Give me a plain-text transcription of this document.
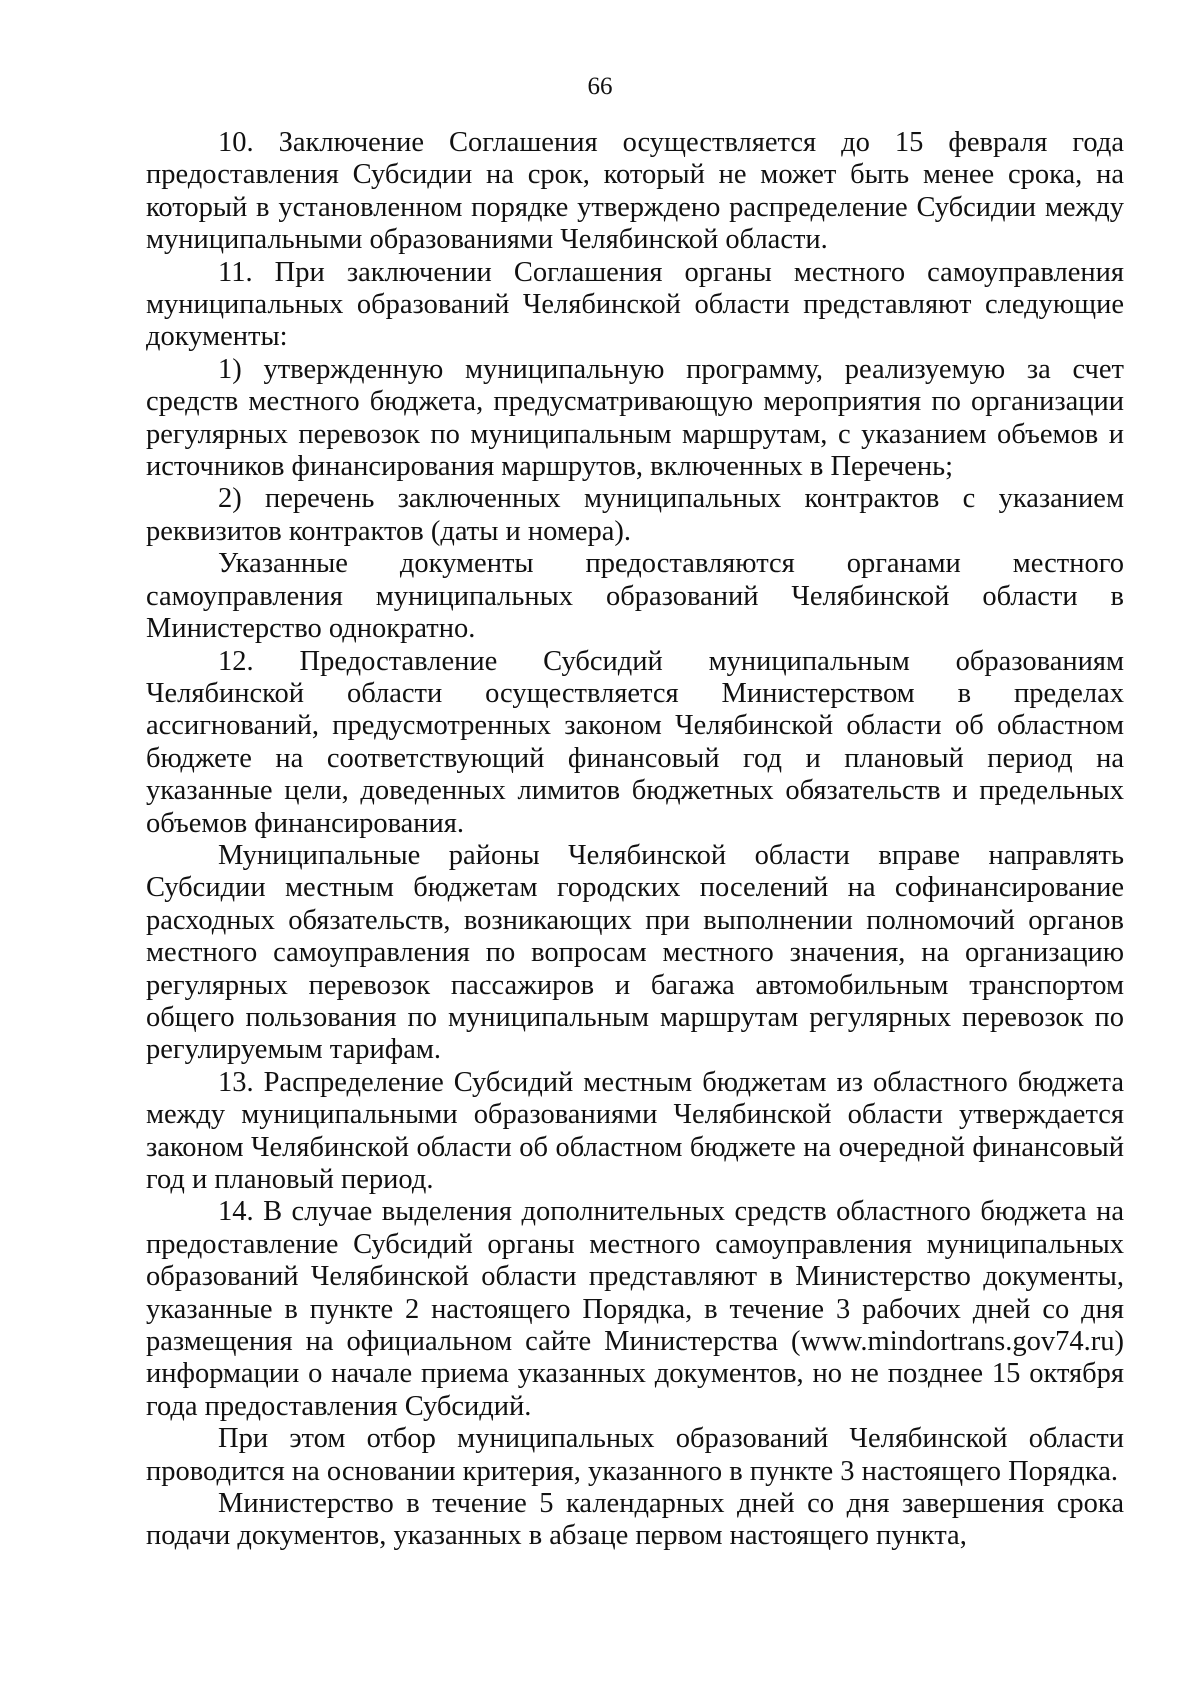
66

10. Заключение Соглашения осуществляется до 15 февраля года предоставления Субсидии на срок, который не может быть менее срока, на который в установленном порядке утверждено распределение Субсидии между муниципальными образованиями Челябинской области.

11. При заключении Соглашения органы местного самоуправления муниципальных образований Челябинской области представляют следующие документы:

1) утвержденную муниципальную программу, реализуемую за счет средств местного бюджета, предусматривающую мероприятия по организации регулярных перевозок по муниципальным маршрутам, с указанием объемов и источников финансирования маршрутов, включенных в Перечень;

2) перечень заключенных муниципальных контрактов с указанием реквизитов контрактов (даты и номера).

Указанные документы предоставляются органами местного самоуправления муниципальных образований Челябинской области в Министерство однократно.

12. Предоставление Субсидий муниципальным образованиям Челябинской области осуществляется Министерством в пределах ассигнований, предусмотренных законом Челябинской области об областном бюджете на соответствующий финансовый год и плановый период на указанные цели, доведенных лимитов бюджетных обязательств и предельных объемов финансирования.

Муниципальные районы Челябинской области вправе направлять Субсидии местным бюджетам городских поселений на софинансирование расходных обязательств, возникающих при выполнении полномочий органов местного самоуправления по вопросам местного значения, на организацию регулярных перевозок пассажиров и багажа автомобильным транспортом общего пользования по муниципальным маршрутам регулярных перевозок по регулируемым тарифам.

13. Распределение Субсидий местным бюджетам из областного бюджета между муниципальными образованиями Челябинской области утверждается законом Челябинской области об областном бюджете на очередной финансовый год и плановый период.

14. В случае выделения дополнительных средств областного бюджета на предоставление Субсидий органы местного самоуправления муниципальных образований Челябинской области представляют в Министерство документы, указанные в пункте 2 настоящего Порядка, в течение 3 рабочих дней со дня размещения на официальном сайте Министерства (www.mindortrans.gov74.ru) информации о начале приема указанных документов, но не позднее 15 октября года предоставления Субсидий.

При этом отбор муниципальных образований Челябинской области проводится на основании критерия, указанного в пункте 3 настоящего Порядка.

Министерство в течение 5 календарных дней со дня завершения срока подачи документов, указанных в абзаце первом настоящего пункта,
